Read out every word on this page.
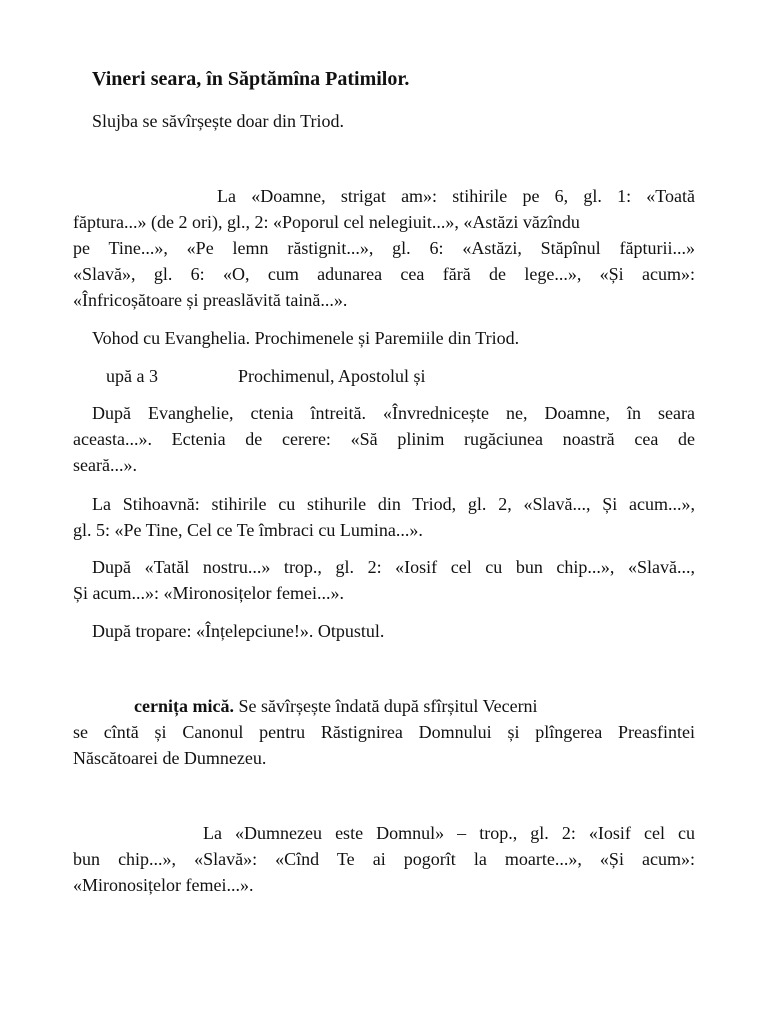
Vineri seara, în Săptămîna Patimilor.
Slujba se săvîrșește doar din Triod.
La «Doamne, strigat am»: stihirile pe 6, gl. 1: «Toată
făptura...» (de 2 ori), gl., 2: «Poporul cel nelegiuit...», «Astăzi văzîndu
pe Tine...», «Pe lemn răstignit...», gl. 6: «Astăzi, Stăpînul făpturii...»
«Slavă», gl. 6: «O, cum adunarea cea fără de lege...», «Și acum»:
«Înfricoșătoare și preaslăvită taină...».
Vohod cu Evanghelia. Prochimenele și Paremiile din Triod.
upă a 3	Prochimenul, Apostolul și
După Evanghelie, ctenia întreită. «Învrednicește ne, Doamne, în seara
aceasta...». Ectenia de cerere: «Să plinim rugăciunea noastră cea de
seară...».
La Stihoavnă: stihirile cu stihurile din Triod, gl. 2, «Slavă..., Și acum...»,
gl. 5: «Pe Tine, Cel ce Te îmbraci cu Lumina...».
După «Tatăl nostru...» trop., gl. 2: «Iosif cel cu bun chip...», «Slavă...,
Și acum...»: «Mironosițelor femei...».
După tropare: «Înțelepciune!». Otpustul.
cernița mică. Se săvîrșește îndată după sfîrșitul Vecerni
se cîntă și Canonul pentru Răstignirea Domnului și plîngerea Preasfintei
Născătoarei de Dumnezeu.
La «Dumnezeu este Domnul» – trop., gl. 2: «Iosif cel cu
bun chip...», «Slavă»: «Cînd Te ai pogorît la moarte...», «Și acum»:
«Mironosițelor femei...».
